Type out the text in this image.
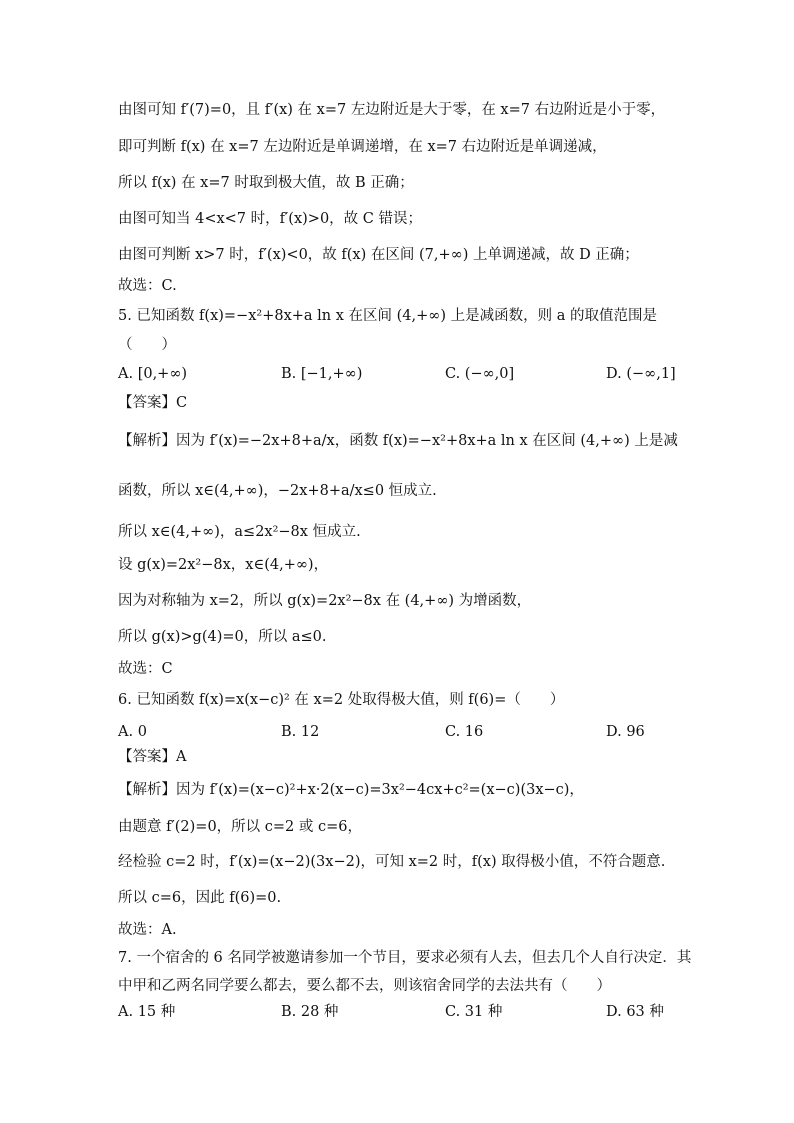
由图可知 f′(7)=0，且 f′(x) 在 x=7 左边附近是大于零，在 x=7 右边附近是小于零，
即可判断 f(x) 在 x=7 左边附近是单调递增，在 x=7 右边附近是单调递减，
所以 f(x) 在 x=7 时取到极大值，故 B 正确；
由图可知当 4<x<7 时，f′(x)>0，故 C 错误；
由图可判断 x>7 时，f′(x)<0，故 f(x) 在区间 (7,+∞) 上单调递减，故 D 正确；
故选：C.
5. 已知函数 f(x)=−x²+8x+a ln x 在区间 (4,+∞) 上是减函数，则 a 的取值范围是
（　　）
A. [0,+∞)	B. [−1,+∞)	C. (−∞,0]	D. (−∞,1]
【答案】C
【解析】因为 f′(x)=−2x+8+a/x，函数 f(x)=−x²+8x+a ln x 在区间 (4,+∞) 上是减
函数，所以 x∈(4,+∞)，−2x+8+a/x≤0 恒成立.
所以 x∈(4,+∞)，a≤2x²−8x 恒成立.
设 g(x)=2x²−8x，x∈(4,+∞)，
因为对称轴为 x=2，所以 g(x)=2x²−8x 在 (4,+∞) 为增函数，
所以 g(x)>g(4)=0，所以 a≤0.
故选：C
6. 已知函数 f(x)=x(x−c)² 在 x=2 处取得极大值，则 f(6)=（　　）
A. 0	B. 12	C. 16	D. 96
【答案】A
【解析】因为 f′(x)=(x−c)²+x·2(x−c)=3x²−4cx+c²=(x−c)(3x−c)，
由题意 f′(2)=0，所以 c=2 或 c=6，
经检验 c=2 时，f′(x)=(x−2)(3x−2)，可知 x=2 时，f(x) 取得极小值，不符合题意.
所以 c=6，因此 f(6)=0.
故选：A.
7. 一个宿舍的 6 名同学被邀请参加一个节目，要求必须有人去，但去几个人自行决定．其
中甲和乙两名同学要么都去，要么都不去，则该宿舍同学的去法共有（　　）
A. 15 种	B. 28 种	C. 31 种	D. 63 种
